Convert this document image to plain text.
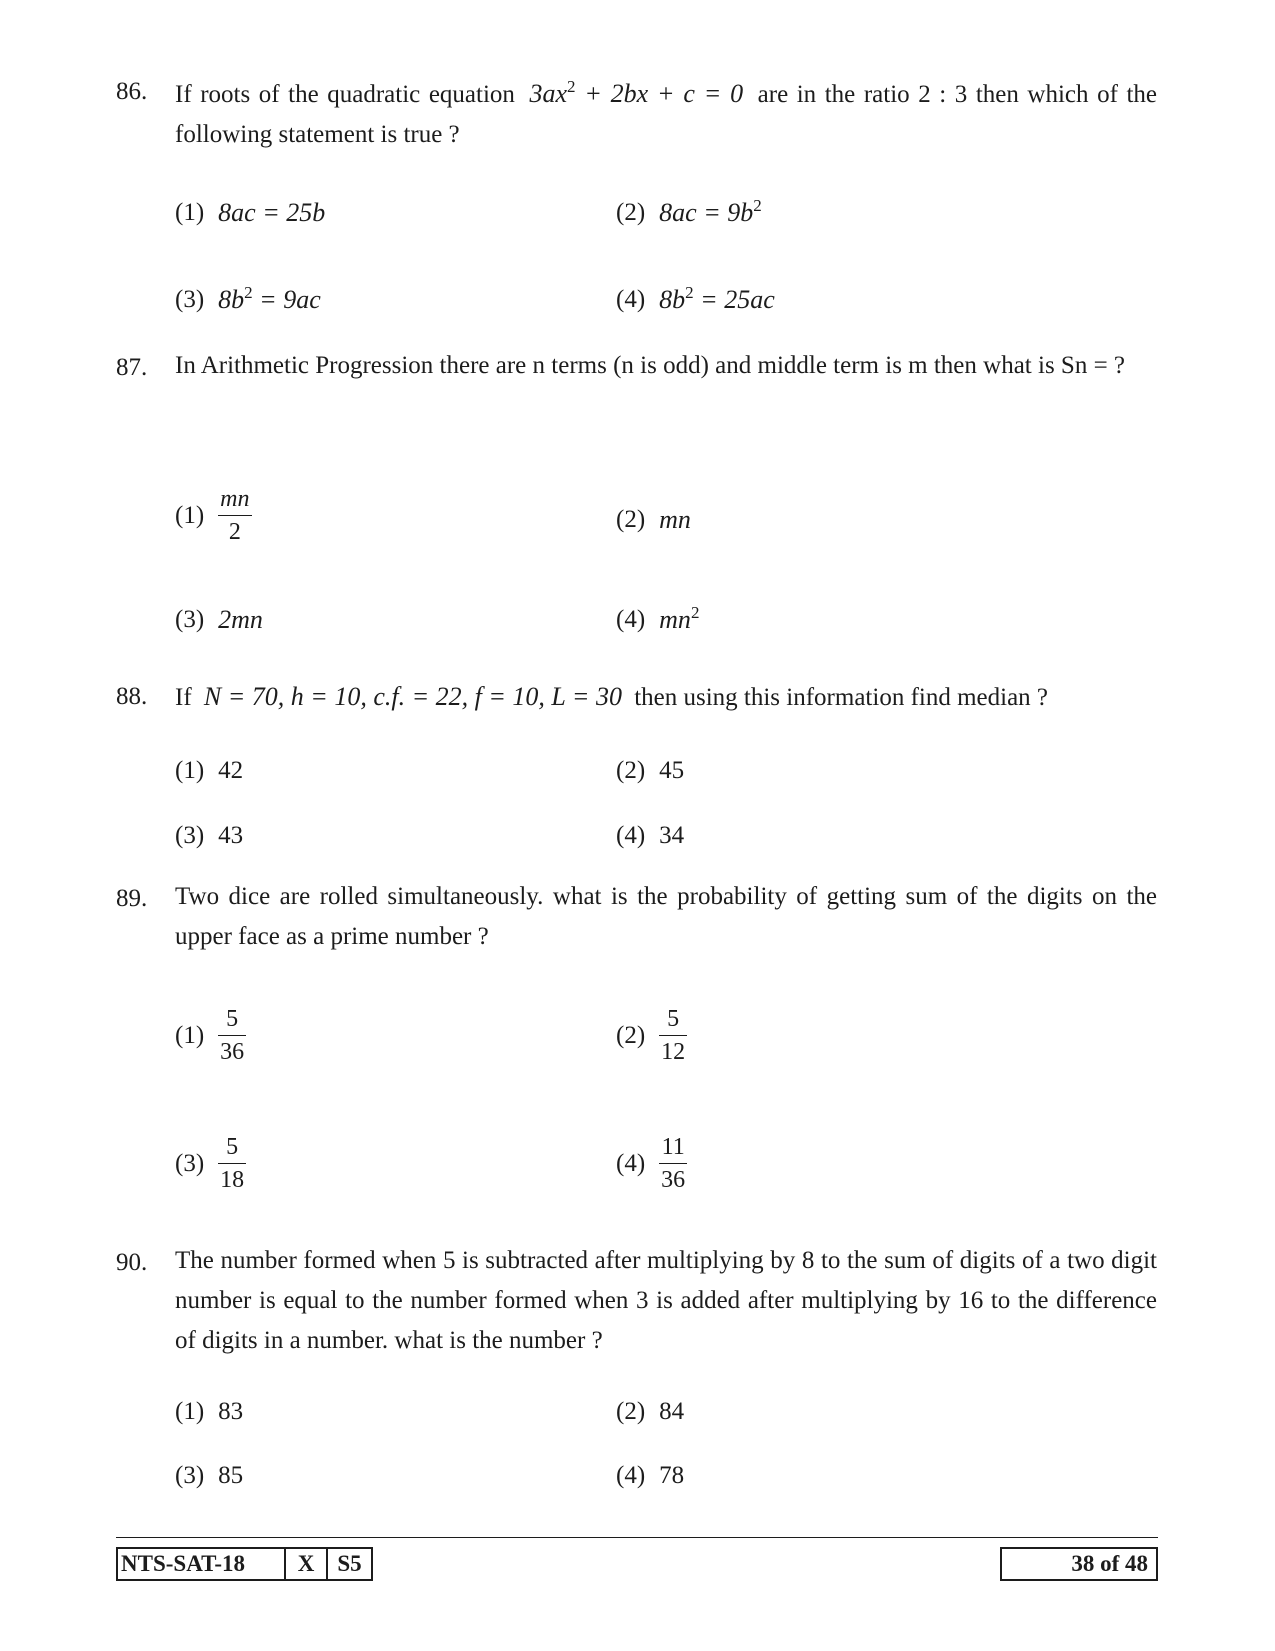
86. If roots of the quadratic equation $3ax^2 + 2bx + c = 0$ are in the ratio 2 : 3 then which of the following statement is true ?
(1) 8ac = 25b	(2) $8ac = 9b^2$
(3) $8b^2 = 9ac$	(4) $8b^2 = 25ac$
87. In Arithmetic Progression there are n terms (n is odd) and middle term is m then what is Sn = ?
$(1) \frac{mn}{2}$	(2) mn
(3) 2mn	(4) $mn^2$
88. If N = 70, h = 10, c.f. = 22, f = 10, L = 30 then using this information find median ?
(1) 42	(2) 45
(3) 43	(4) 34
89. Two dice are rolled simultaneously. what is the probability of getting sum of the digits on the upper face as a prime number ?
$(1) \frac{5}{36}$	$(2) \frac{5}{12}$
$(3) \frac{5}{18}$	$(4) \frac{11}{36}$
90. The number formed when 5 is subtracted after multiplying by 8 to the sum of digits of a two digit number is equal to the number formed when 3 is added after multiplying by 16 to the difference of digits in a number. what is the number ?
(1) 83	(2) 84
(3) 85	(4) 78
NTS-SAT-18	X	S5	38 of 48
